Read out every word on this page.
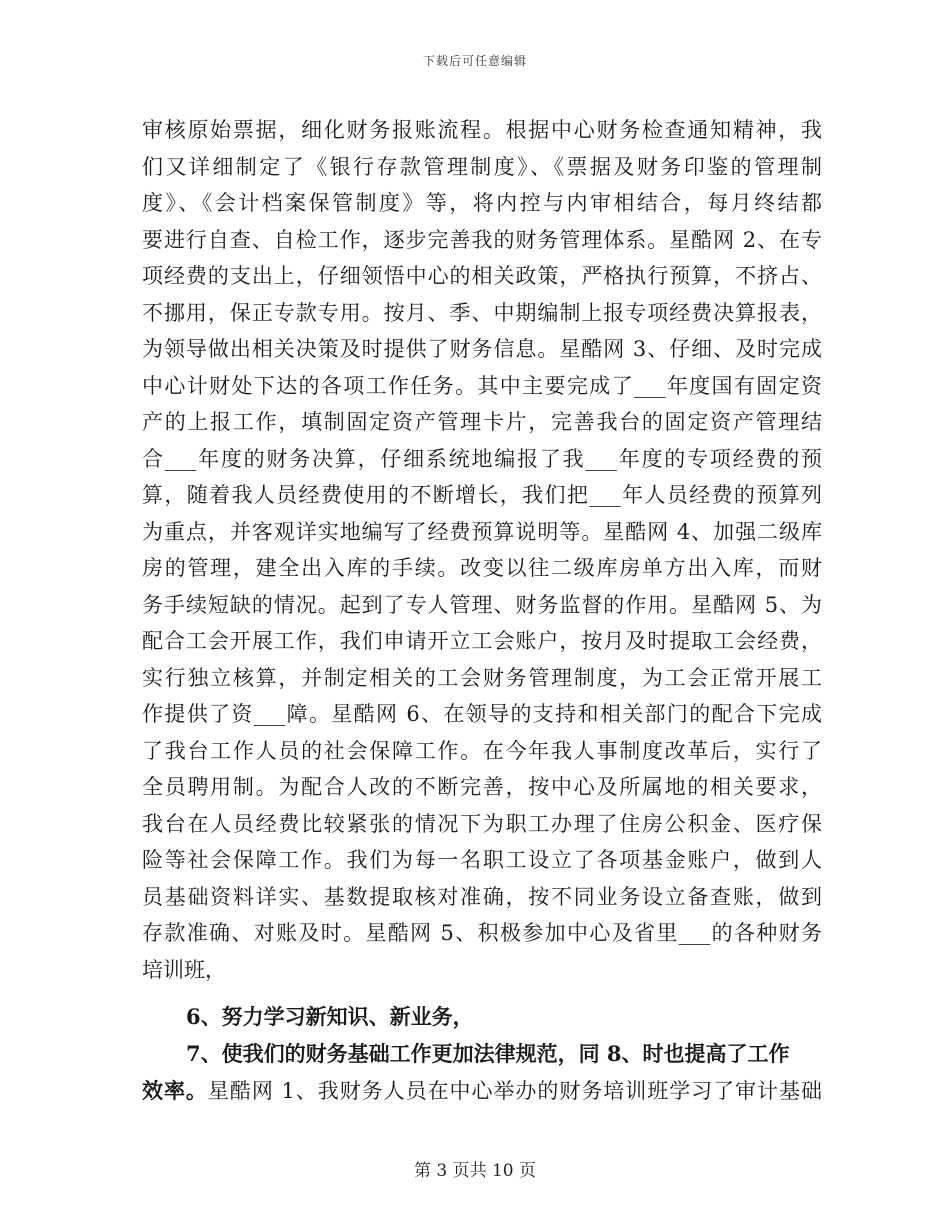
下载后可任意编辑
审核原始票据，细化财务报账流程。根据中心财务检查通知精神，我
们又详细制定了《银行存款管理制度》、《票据及财务印鉴的管理制
度》、《会计档案保管制度》等，将内控与内审相结合，每月终结都
要进行自查、自检工作，逐步完善我的财务管理体系。星酷网 2、在专
项经费的支出上，仔细领悟中心的相关政策，严格执行预算，不挤占、
不挪用，保正专款专用。按月、季、中期编制上报专项经费决算报表，
为领导做出相关决策及时提供了财务信息。星酷网 3、仔细、及时完成
中心计财处下达的各项工作任务。其中主要完成了___年度国有固定资
产的上报工作，填制固定资产管理卡片，完善我台的固定资产管理结
合___年度的财务决算，仔细系统地编报了我___年度的专项经费的预
算，随着我人员经费使用的不断增长，我们把___年人员经费的预算列
为重点，并客观详实地编写了经费预算说明等。星酷网 4、加强二级库
房的管理，建全出入库的手续。改变以往二级库房单方出入库，而财
务手续短缺的情况。起到了专人管理、财务监督的作用。星酷网 5、为
配合工会开展工作，我们申请开立工会账户，按月及时提取工会经费，
实行独立核算，并制定相关的工会财务管理制度，为工会正常开展工
作提供了资___障。星酷网 6、在领导的支持和相关部门的配合下完成
了我台工作人员的社会保障工作。在今年我人事制度改革后，实行了
全员聘用制。为配合人改的不断完善，按中心及所属地的相关要求，
我台在人员经费比较紧张的情况下为职工办理了住房公积金、医疗保
险等社会保障工作。我们为每一名职工设立了各项基金账户，做到人
员基础资料详实、基数提取核对准确，按不同业务设立备查账，做到
存款准确、对账及时。星酷网 5、积极参加中心及省里___的各种财务
培训班，
6、努力学习新知识、新业务，
7、使我们的财务基础工作更加法律规范，同 8、时也提高了工作
效率。星酷网 1、我财务人员在中心举办的财务培训班学习了审计基础
第 3 页共 10 页
